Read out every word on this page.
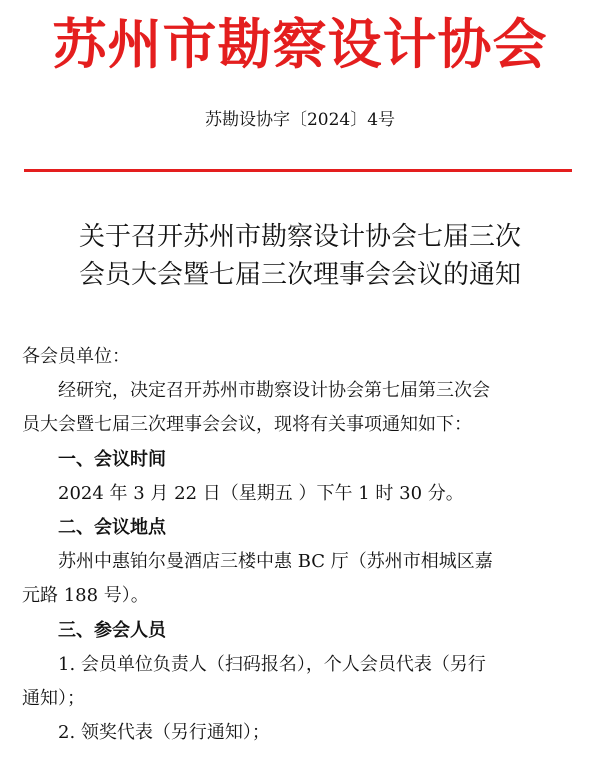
苏州市勘察设计协会
苏勘设协字〔2024〕4号
关于召开苏州市勘察设计协会七届三次
会员大会暨七届三次理事会会议的通知

各会员单位：

经研究，决定召开苏州市勘察设计协会第七届第三次会

员大会暨七届三次理事会会议，现将有关事项通知如下：

一、会议时间

2024 年 3 月 22 日（星期五 ）下午 1 时 30 分。

二、会议地点

苏州中惠铂尔曼酒店三楼中惠 BC 厅（苏州市相城区嘉

元路 188 号）。

三、参会人员

1. 会员单位负责人（扫码报名），个人会员代表（另行

通知）；

2. 领奖代表（另行通知）；
